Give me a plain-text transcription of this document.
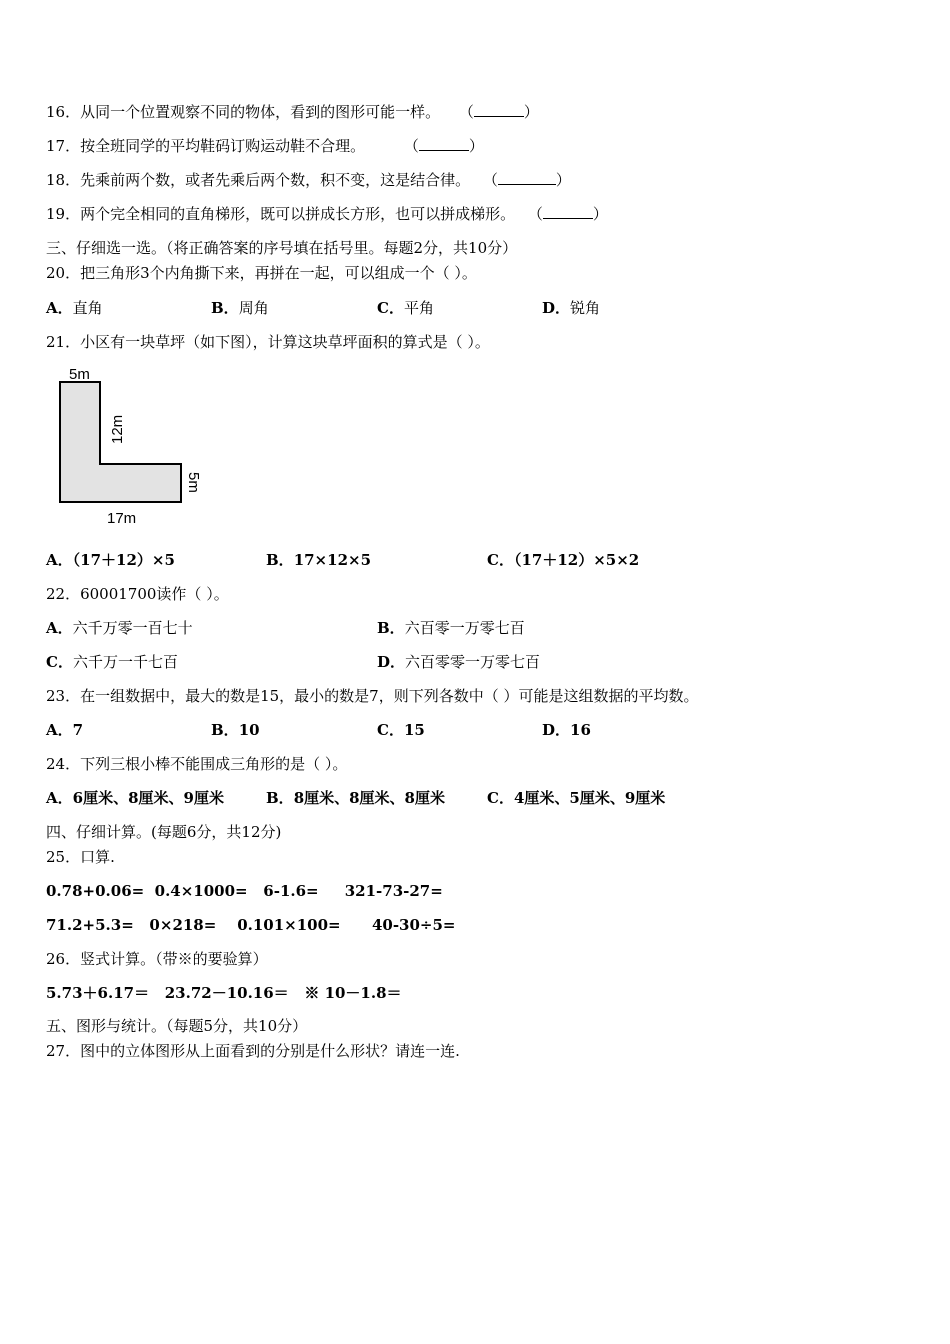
16．从同一个位置观察不同的物体，看到的图形可能一样。 （	）
17．按全班同学的平均鞋码订购运动鞋不合理。	（	）
18．先乘前两个数，或者先乘后两个数，积不变，这是结合律。 （	）
19．两个完全相同的直角梯形，既可以拼成长方形，也可以拼成梯形。 （	）
三、仔细选一选。（将正确答案的序号填在括号里。每题2分，共10分）
20．把三角形3个内角撕下来，再拼在一起，可以组成一个（ ）。
A．直角	B．周角	C．平角	D．锐角
21．小区有一块草坪（如下图），计算这块草坪面积的算式是（ ）。
5m
12m
5m
17m
A．（17＋12）×5	B．17×12×5	C．（17＋12）×5×2
22．60001700读作（ ）。
A．六千万零一百七十	B．六百零一万零七百
C．六千万一千七百	D．六百零零一万零七百
23．在一组数据中，最大的数是15，最小的数是7，则下列各数中（ ）可能是这组数据的平均数。
A．7	B．10	C．15	D．16
24．下列三根小棒不能围成三角形的是（ ）。
A．6厘米、8厘米、9厘米	B．8厘米、8厘米、8厘米	C．4厘米、5厘米、9厘米
四、仔细计算。(每题6分，共12分)
25．口算.
0.78+0.06=  0.4×1000=   6-1.6=     321-73-27=
71.2+5.3=   0×218=    0.101×100=      40-30÷5=
26．竖式计算。（带※的要验算）
5.73＋6.17＝   23.72－10.16＝   ※ 10－1.8＝
五、图形与统计。（每题5分，共10分）
27．图中的立体图形从上面看到的分别是什么形状？请连一连.
